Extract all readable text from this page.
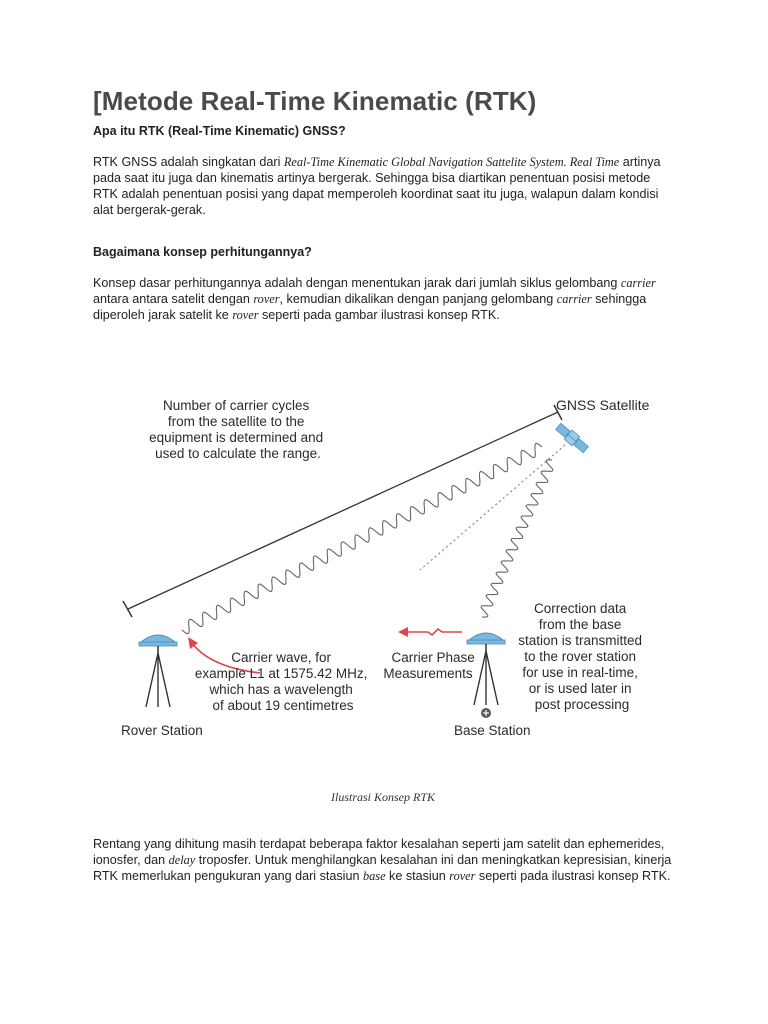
[Metode Real-Time Kinematic (RTK)

Apa itu RTK (Real-Time Kinematic) GNSS?

RTK GNSS adalah singkatan dari Real-Time Kinematic Global Navigation Sattelite System. Real Time artinya pada saat itu juga dan kinematis artinya bergerak. Sehingga bisa diartikan penentuan posisi metode RTK adalah penentuan posisi yang dapat memperoleh koordinat saat itu juga, walapun dalam kondisi alat bergerak-gerak.

Bagaimana konsep perhitungannya?

Konsep dasar perhitungannya adalah dengan menentukan jarak dari jumlah siklus gelombang carrier antara antara satelit dengan rover, kemudian dikalikan dengan panjang gelombang carrier sehingga diperoleh jarak satelit ke rover seperti pada gambar ilustrasi konsep RTK.

Ilustrasi Konsep RTK

Rentang yang dihitung masih terdapat beberapa faktor kesalahan seperti jam satelit dan ephemerides, ionosfer, dan delay troposfer. Untuk menghilangkan kesalahan ini dan meningkatkan kepresisian, kinerja RTK memerlukan pengukuran yang dari stasiun base ke stasiun rover seperti pada ilustrasi konsep RTK.

GNSS Satellite
Number of carrier cycles from the satellite to the equipment is determined and used to calculate the range.
Rover Station	Base Station
Carrier wave, for example L1 at 1575.42 MHz, which has a wavelength of about 19 centimetres
Carrier Phase Measurements
Correction data from the base station is transmitted to the rover station for use in real-time, or is used later in post processing
